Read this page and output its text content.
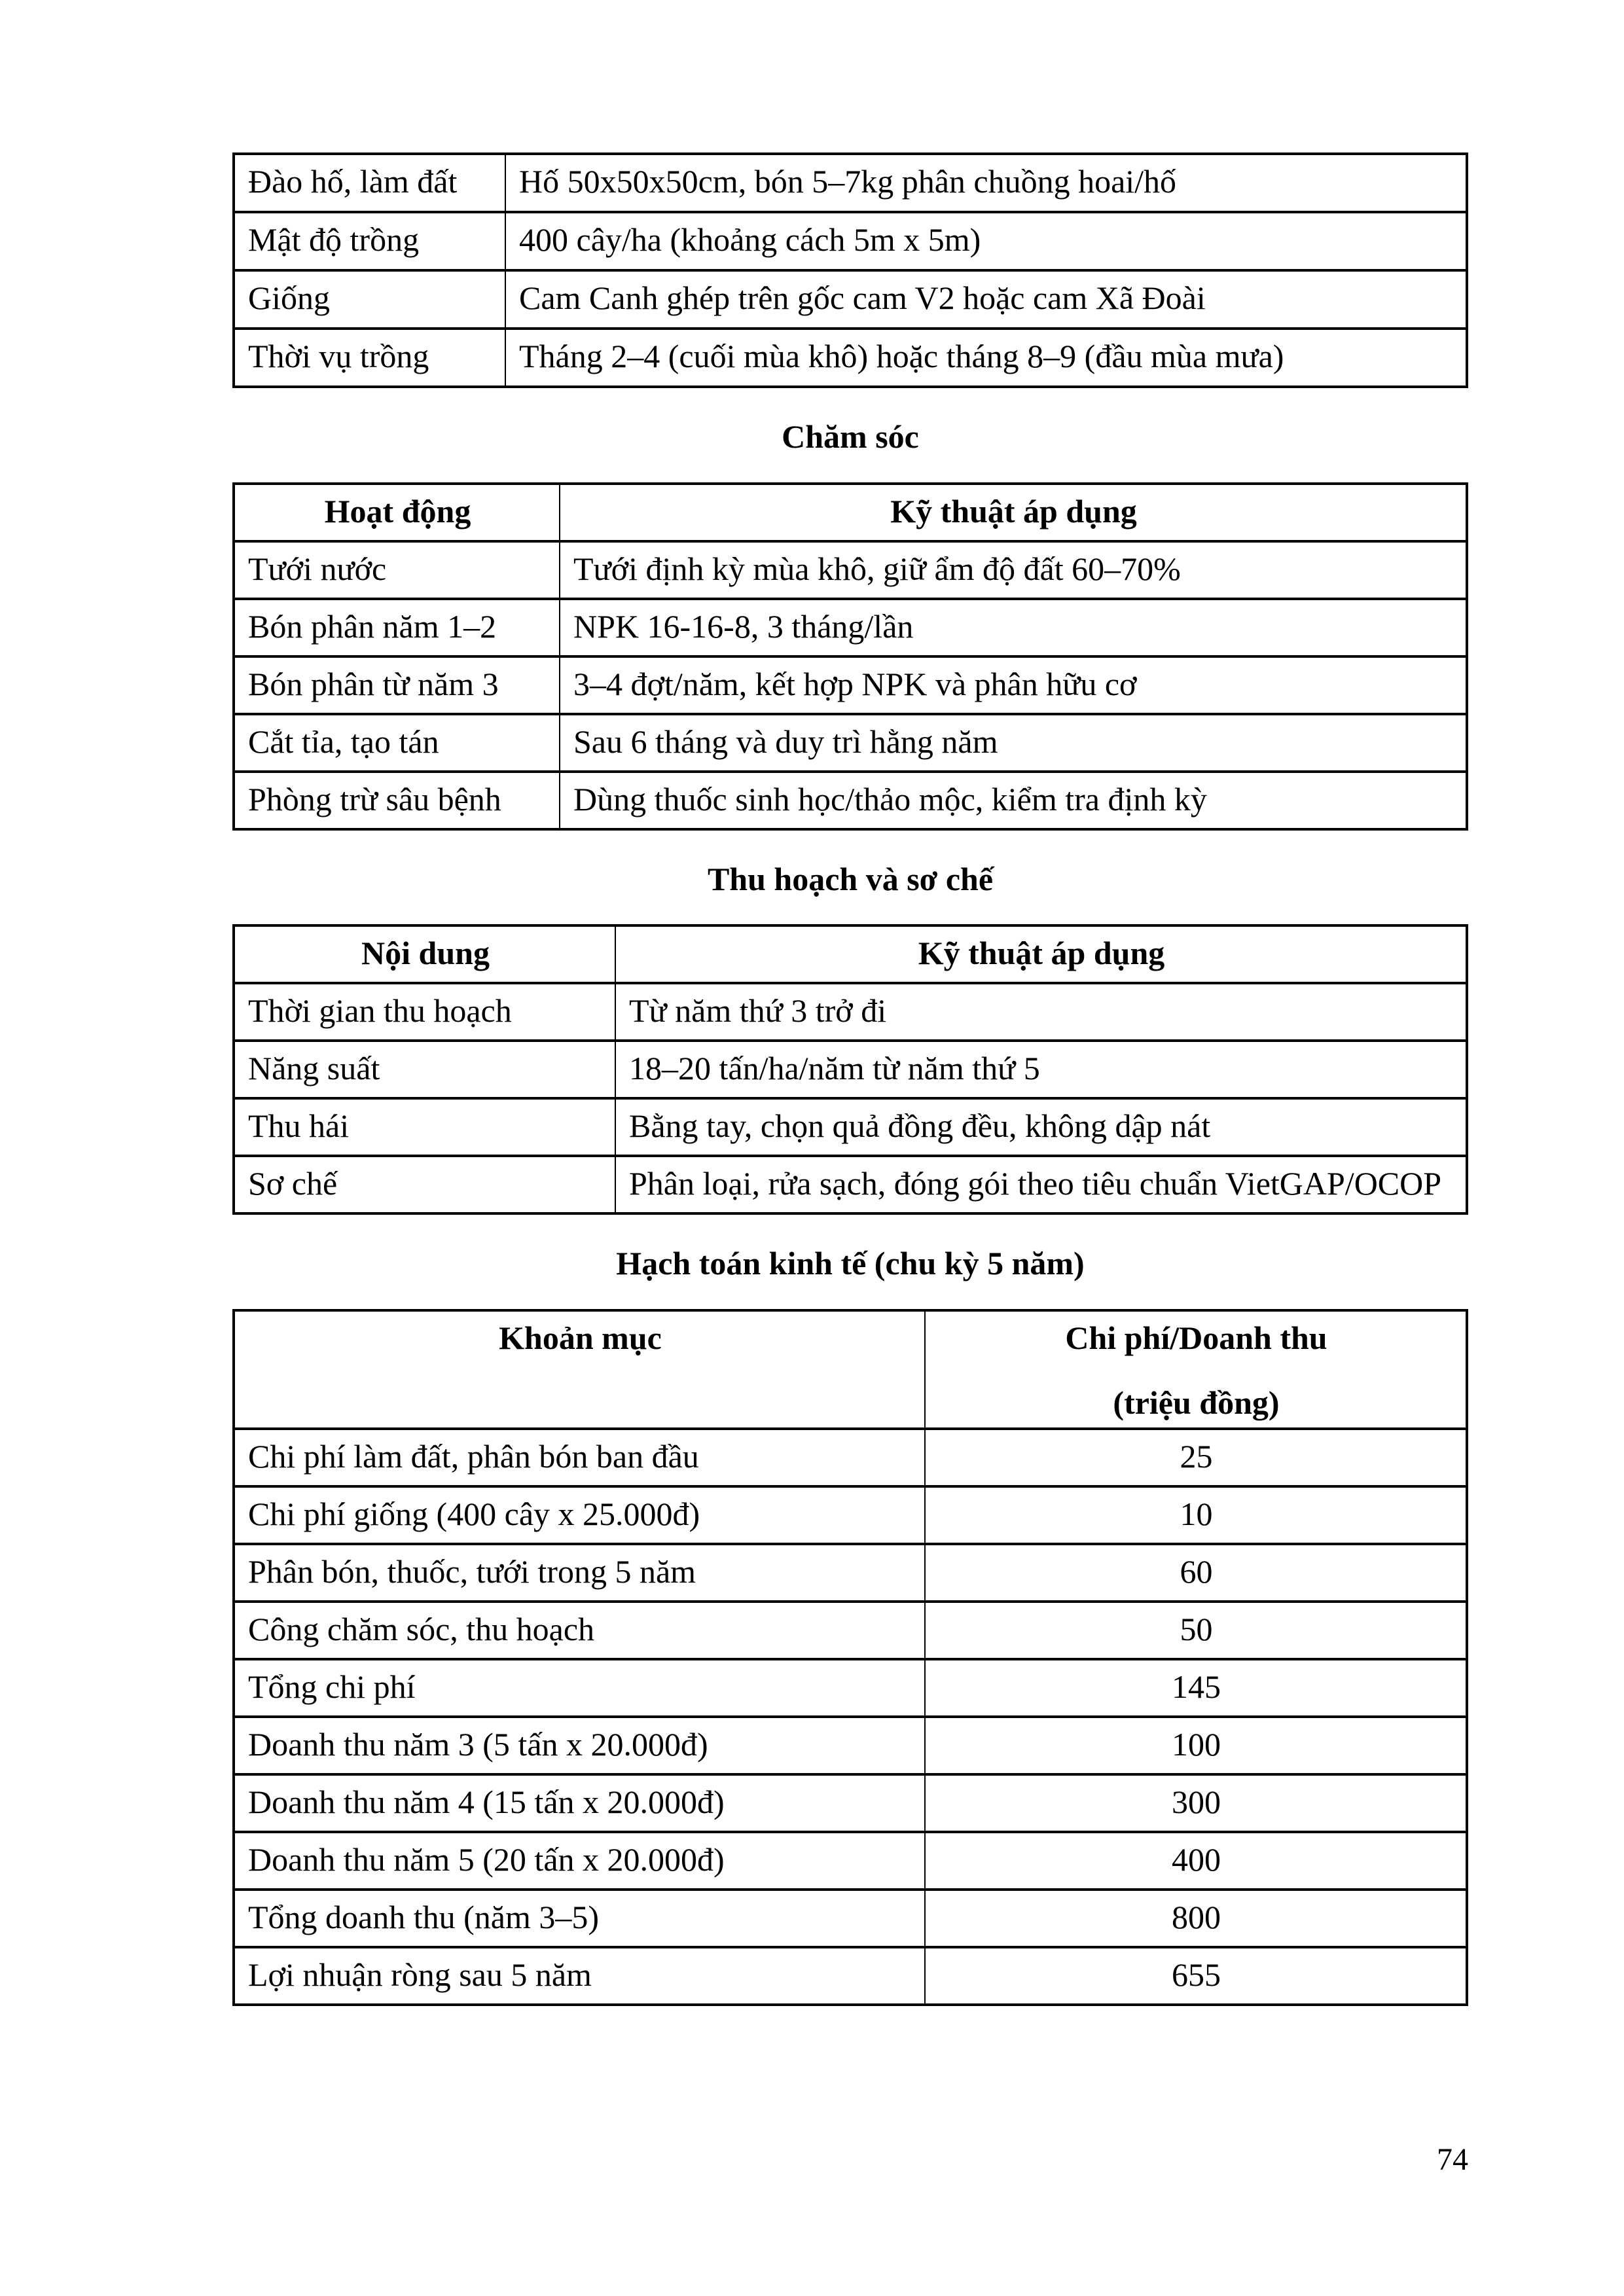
Đào hố, làm đất	Hố 50x50x50cm, bón 5–7kg phân chuồng hoai/hố
Mật độ trồng	400 cây/ha (khoảng cách 5m x 5m)
Giống	Cam Canh ghép trên gốc cam V2 hoặc cam Xã Đoài
Thời vụ trồng	Tháng 2–4 (cuối mùa khô) hoặc tháng 8–9 (đầu mùa mưa)
Chăm sóc
Hoạt động	Kỹ thuật áp dụng
Tưới nước	Tưới định kỳ mùa khô, giữ ẩm độ đất 60–70%
Bón phân năm 1–2	NPK 16-16-8, 3 tháng/lần
Bón phân từ năm 3	3–4 đợt/năm, kết hợp NPK và phân hữu cơ
Cắt tỉa, tạo tán	Sau 6 tháng và duy trì hằng năm
Phòng trừ sâu bệnh	Dùng thuốc sinh học/thảo mộc, kiểm tra định kỳ
Thu hoạch và sơ chế
Nội dung	Kỹ thuật áp dụng
Thời gian thu hoạch	Từ năm thứ 3 trở đi
Năng suất	18–20 tấn/ha/năm từ năm thứ 5
Thu hái	Bằng tay, chọn quả đồng đều, không dập nát
Sơ chế	Phân loại, rửa sạch, đóng gói theo tiêu chuẩn VietGAP/OCOP
Hạch toán kinh tế (chu kỳ 5 năm)
Khoản mục	Chi phí/Doanh thu
(triệu đồng)

Chi phí làm đất, phân bón ban đầu	25
Chi phí giống (400 cây x 25.000đ)	10
Phân bón, thuốc, tưới trong 5 năm	60
Công chăm sóc, thu hoạch	50
Tổng chi phí	145
Doanh thu năm 3 (5 tấn x 20.000đ)	100
Doanh thu năm 4 (15 tấn x 20.000đ)	300
Doanh thu năm 5 (20 tấn x 20.000đ)	400
Tổng doanh thu (năm 3–5)	800
Lợi nhuận ròng sau 5 năm	655
74
